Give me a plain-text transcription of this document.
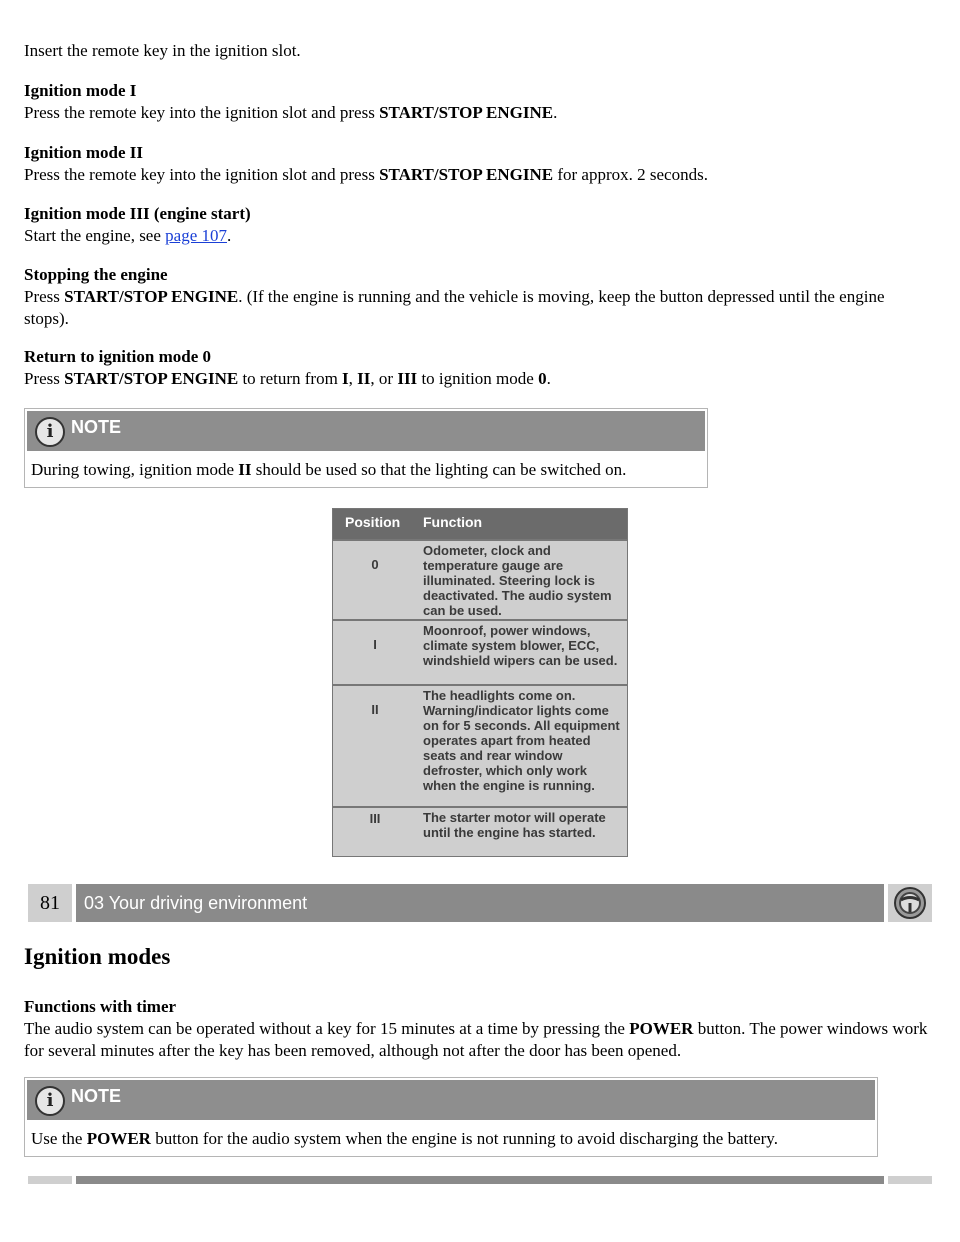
Insert the remote key in the ignition slot.

Ignition mode I

Press the remote key into the ignition slot and press START/STOP ENGINE.

Ignition mode II

Press the remote key into the ignition slot and press START/STOP ENGINE for approx. 2 seconds.

Ignition mode III (engine start)

Start the engine, see page 107.

Stopping the engine

Press START/STOP ENGINE. (If the engine is running and the vehicle is moving, keep the button depressed until the engine stops).

Return to ignition mode 0

Press START/STOP ENGINE to return from I, II, or III to ignition mode 0.

i NOTE

During towing, ignition mode II should be used so that the lighting can be switched on.

Position Function
0
Odometer, clock and temperature gauge are illuminated. Steering lock is deactivated. The audio system can be used.
I
Moonroof, power windows, climate system blower, ECC, windshield wipers can be used.
II
The headlights come on. Warning/indicator lights come on for 5 seconds. All equipment operates apart from heated seats and rear window defroster, which only work when the engine is running.
III	The starter motor will operate until the engine has started.
81	03 Your driving environment
Ignition modes

Functions with timer

The audio system can be operated without a key for 15 minutes at a time by pressing the POWER button. The power windows work for several minutes after the key has been removed, although not after the door has been opened.

i NOTE

Use the POWER button for the audio system when the engine is not running to avoid discharging the battery.
